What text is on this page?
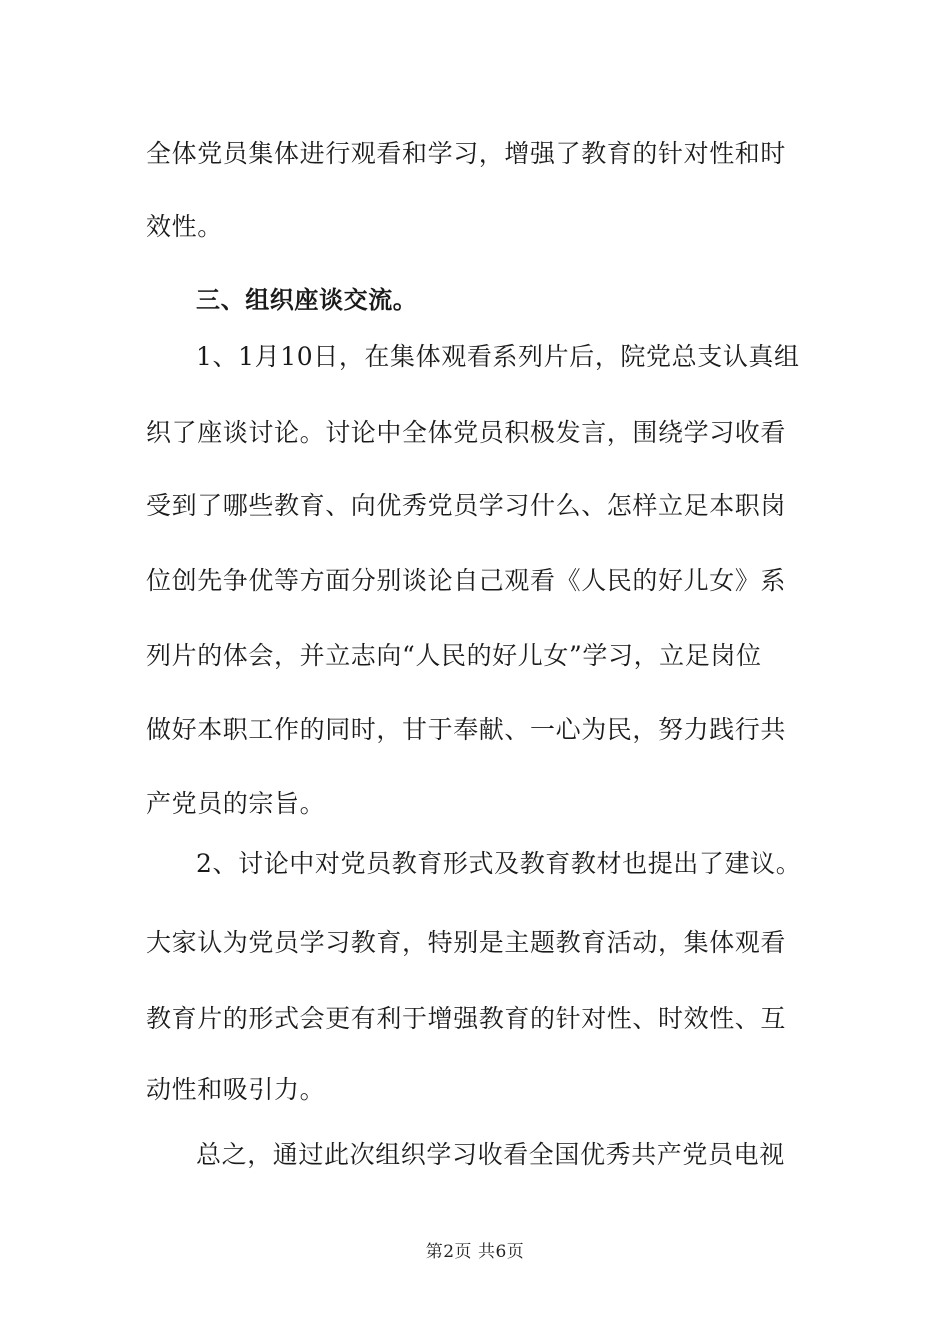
全体党员集体进行观看和学习，增强了教育的针对性和时
效性。
三、组织座谈交流。
1、1月10日，在集体观看系列片后，院党总支认真组
织了座谈讨论。讨论中全体党员积极发言，围绕学习收看
受到了哪些教育、向优秀党员学习什么、怎样立足本职岗
位创先争优等方面分别谈论自己观看《人民的好儿女》系
列片的体会，并立志向“人民的好儿女”学习，立足岗位
做好本职工作的同时，甘于奉献、一心为民，努力践行共
产党员的宗旨。
2、讨论中对党员教育形式及教育教材也提出了建议。
大家认为党员学习教育，特别是主题教育活动，集体观看
教育片的形式会更有利于增强教育的针对性、时效性、互
动性和吸引力。
总之，通过此次组织学习收看全国优秀共产党员电视
第2页 共6页
